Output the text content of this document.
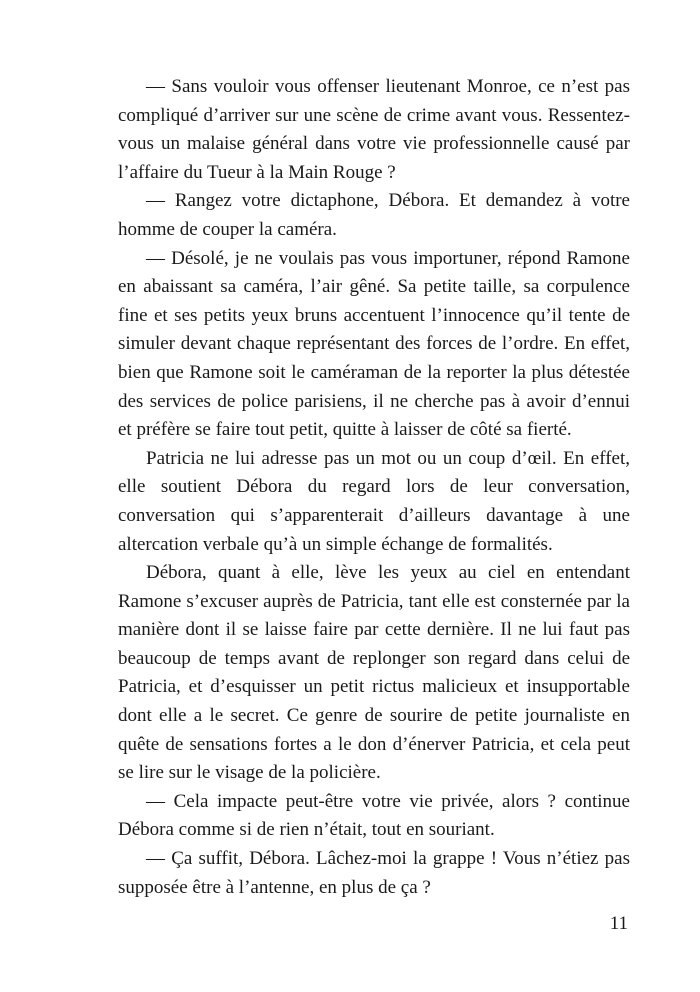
— Sans vouloir vous offenser lieutenant Monroe, ce n’est pas compliqué d’arriver sur une scène de crime avant vous. Ressentez-vous un malaise général dans votre vie professionnelle causé par l’affaire du Tueur à la Main Rouge ?

— Rangez votre dictaphone, Débora. Et demandez à votre homme de couper la caméra.

— Désolé, je ne voulais pas vous importuner, répond Ramone en abaissant sa caméra, l’air gêné. Sa petite taille, sa corpulence fine et ses petits yeux bruns accentuent l’innocence qu’il tente de simuler devant chaque représentant des forces de l’ordre. En effet, bien que Ramone soit le caméraman de la reporter la plus détestée des services de police parisiens, il ne cherche pas à avoir d’ennui et préfère se faire tout petit, quitte à laisser de côté sa fierté.

Patricia ne lui adresse pas un mot ou un coup d’œil. En effet, elle soutient Débora du regard lors de leur conversation, conversation qui s’apparenterait d’ailleurs davantage à une altercation verbale qu’à un simple échange de formalités.

Débora, quant à elle, lève les yeux au ciel en entendant Ramone s’excuser auprès de Patricia, tant elle est consternée par la manière dont il se laisse faire par cette dernière. Il ne lui faut pas beaucoup de temps avant de replonger son regard dans celui de Patricia, et d’esquisser un petit rictus malicieux et insupportable dont elle a le secret. Ce genre de sourire de petite journaliste en quête de sensations fortes a le don d’énerver Patricia, et cela peut se lire sur le visage de la policière.

— Cela impacte peut-être votre vie privée, alors ? continue Débora comme si de rien n’était, tout en souriant.

— Ça suffit, Débora. Lâchez-moi la grappe ! Vous n’étiez pas supposée être à l’antenne, en plus de ça ?

11
